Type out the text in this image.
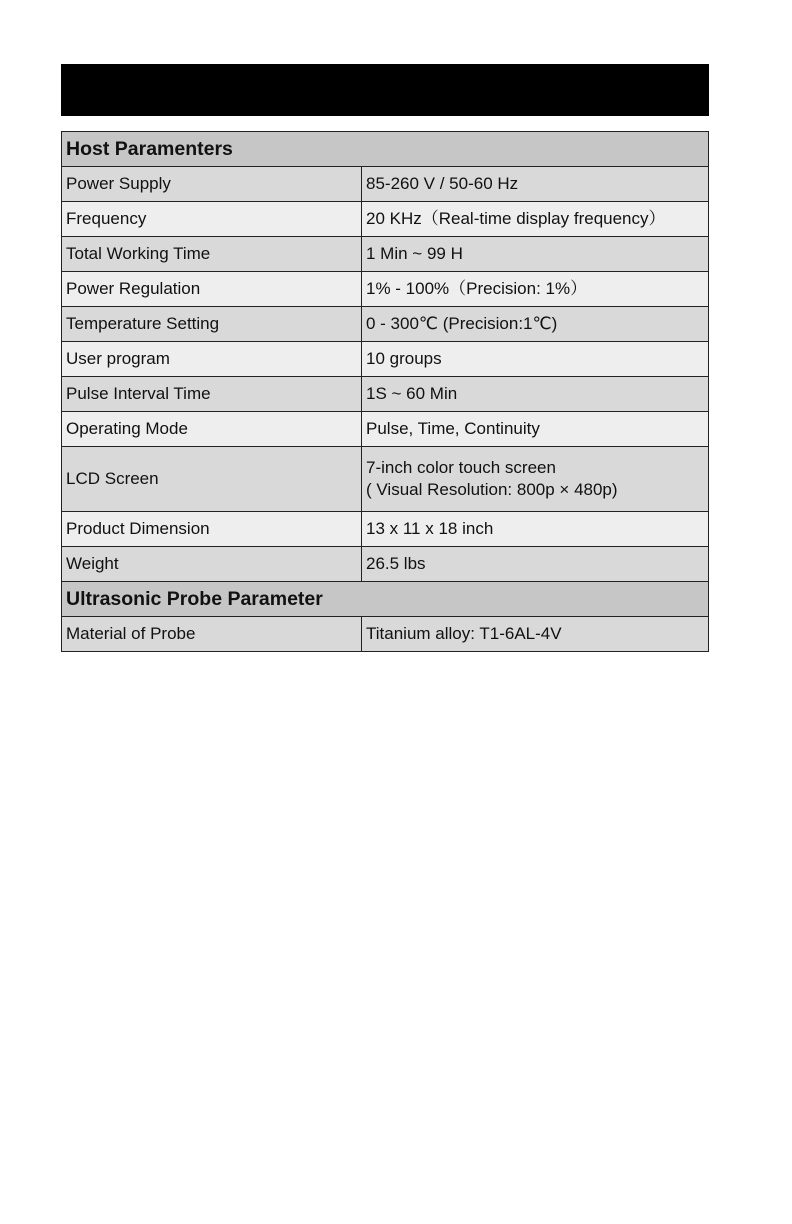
Host Paramenters	
Power Supply	85-260 V / 50-60 Hz
Frequency	20 KHz（Real-time display frequency）
Total Working Time	1 Min ~ 99 H
Power Regulation	1% - 100%（Precision: 1%）
Temperature Setting	0 - 300℃ (Precision:1℃)
User program	10 groups
Pulse Interval Time	1S ~ 60 Min
Operating Mode	Pulse, Time, Continuity
LCD Screen	7-inch color touch screen
( Visual Resolution: 800p × 480p)

Product Dimension	13 x 11 x 18 inch
Weight	26.5 lbs
Ultrasonic Probe Parameter	
Material of Probe	Titanium alloy: T1-6AL-4V
